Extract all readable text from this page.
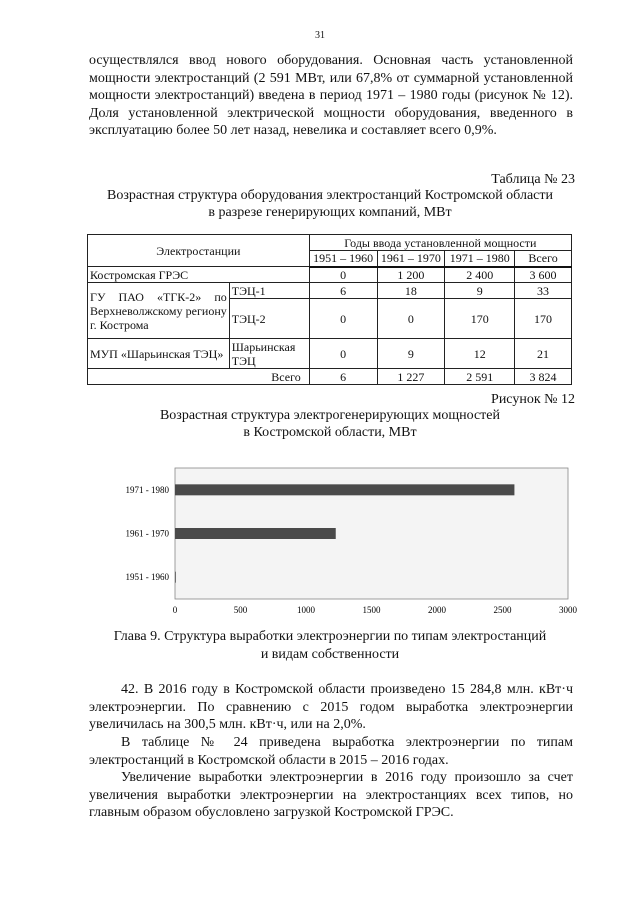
31

осуществлялся ввод нового оборудования. Основная часть установленной мощности электростанций (2 591 МВт, или 67,8% от суммарной установленной мощности электростанций) введена в период 1971 – 1980 годы (рисунок № 12). Доля установленной электрической мощности оборудования, введенного в эксплуатацию более 50 лет назад, невелика и составляет всего 0,9%.

Таблица № 23
Возрастная структура оборудования электростанций Костромской области
в разрезе генерирующих компаний, МВт
Электростанции		Годы ввода установленной мощности			
		1951 – 1960	1961 – 1970	1971 – 1980	Всего
Костромская ГРЭС		0	1 200	2 400	3 600
ГУ ПАО «ТГК-2» по Верхневолжскому региону г. Кострома	ТЭЦ-1	6	18	9	33
	ТЭЦ-2	0	0	170	170
МУП «Шарьинская ТЭЦ»	Шарьинская ТЭЦ	0	9	12	21
Всего		6	1 227	2 591	3 824
Рисунок № 12
Возрастная структура электрогенерирующих мощностей
в Костромской области, МВт
1951 - 1960
1961 - 1970
1971 - 1980
0	500	1000	1500	2000	2500	3000
Глава 9. Структура выработки электроэнергии по типам электростанций
и видам собственности

42. В 2016 году в Костромской области произведено 15 284,8 млн. кВт·ч электроэнергии. По сравнению с 2015 годом выработка электроэнергии увеличилась на 300,5 млн. кВт·ч, или на 2,0%.

В таблице № 24 приведена выработка электроэнергии по типам электростанций в Костромской области в 2015 – 2016 годах.

Увеличение выработки электроэнергии в 2016 году произошло за счет увеличения выработки электроэнергии на электростанциях всех типов, но главным образом обусловлено загрузкой Костромской ГРЭС.
